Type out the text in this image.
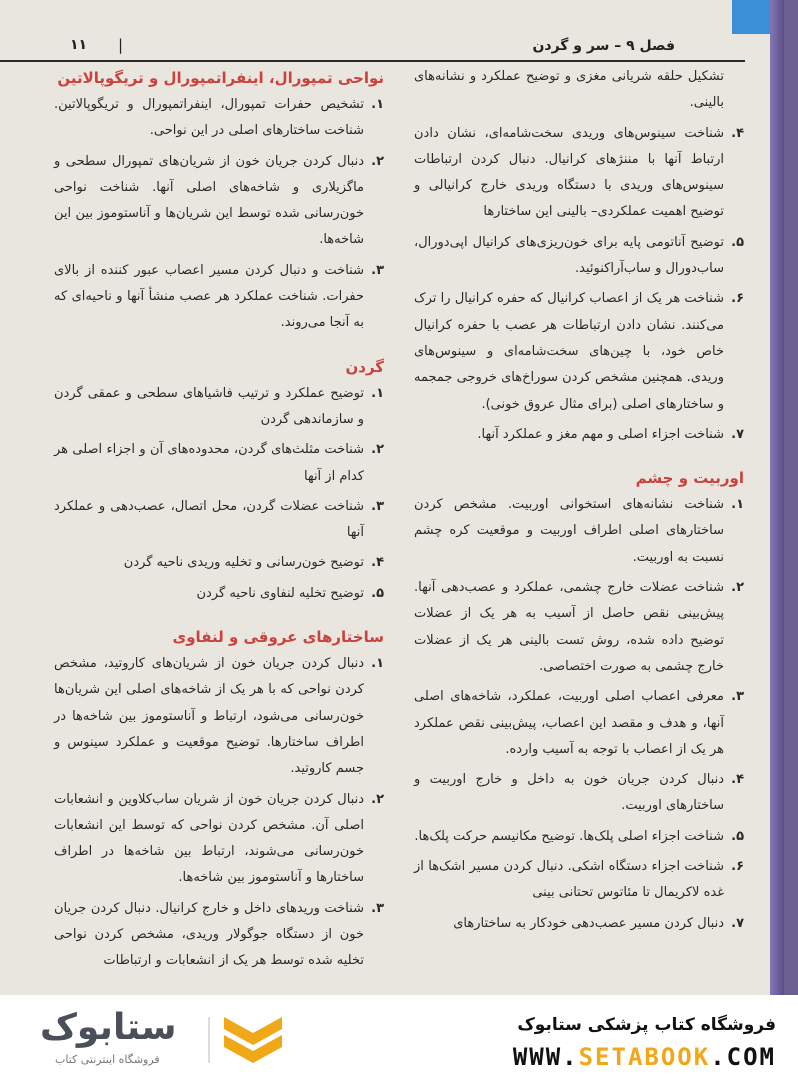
فصل ۹ – سر و گردن
|
۱۱
تشکیل حلقه شریانی مغزی و توضیح عملکرد و نشانه‌های بالینی.
۴.
شناخت سینوس‌های وریدی سخت‌شامه‌ای، نشان دادن ارتباط آنها با مننژهای کرانیال. دنبال کردن ارتباطات سینوس‌های وریدی با دستگاه وریدی خارج کرانیالی و توضیح اهمیت عملکردی– بالینی این ساختارها
۵.
توضیح آناتومی پایه برای خون‌ریزی‌های کرانیال اپی‌دورال، ساب‌دورال و ساب‌آراکنوئید.
۶.
شناخت هر یک از اعصاب کرانیال که حفره کرانیال را ترک می‌کنند. نشان دادن ارتباطات هر عصب با حفره کرانیال خاص خود، با چین‌های سخت‌شامه‌ای و سینوس‌های وریدی. همچنین مشخص کردن سوراخ‌های خروجی جمجمه و ساختارهای اصلی (برای مثال عروق خونی).
۷.
شناخت اجزاء اصلی و مهم مغز و عملکرد آنها.

اوربیت و چشم

۱.
شناخت نشانه‌های استخوانی اوربیت. مشخص کردن ساختارهای اصلی اطراف اوربیت و موقعیت کره چشم نسبت به اوربیت.
۲.
شناخت عضلات خارج چشمی، عملکرد و عصب‌دهی آنها. پیش‌بینی نقص حاصل از آسیب به هر یک از عضلات توضیح داده شده، روش تست بالینی هر یک از عضلات خارج چشمی به صورت اختصاصی.
۳.
معرفی اعصاب اصلی اوربیت، عملکرد، شاخه‌های اصلی آنها، و هدف و مقصد این اعصاب، پیش‌بینی نقص عملکرد هر یک از اعصاب با توجه به آسیب وارده.
۴.
دنبال کردن جریان خون به داخل و خارج اوربیت و ساختارهای اوربیت.
۵.
شناخت اجزاء اصلی پلک‌ها. توضیح مکانیسم حرکت پلک‌ها.
۶.
شناخت اجزاء دستگاه اشکی. دنبال کردن مسیر اشک‌ها از غده لاکریمال تا مئاتوس تحتانی بینی
۷.
دنبال کردن مسیر عصب‌دهی خودکار به ساختارهای

نواحی تمپورال، اینفراتمپورال و تریگوپالاتین

۱.
تشخیص حفرات تمپورال، اینفراتمپورال و تریگوپالاتین. شناخت ساختارهای اصلی در این نواحی.
۲.
دنبال کردن جریان خون از شریان‌های تمپورال سطحی و ماگزیلاری و شاخه‌های اصلی آنها. شناخت نواحی خون‌رسانی شده توسط این شریان‌ها و آناستوموز بین این شاخه‌ها.
۳.
شناخت و دنبال کردن مسیر اعصاب عبور کننده از بالای حفرات. شناخت عملکرد هر عصب منشأ آنها و ناحیه‌ای که به آنجا می‌روند.

گردن

۱.
توضیح عملکرد و ترتیب فاشیاهای سطحی و عمقی گردن و سازماندهی گردن
۲.
شناخت مثلث‌های گردن، محدوده‌های آن و اجزاء اصلی هر کدام از آنها
۳.
شناخت عضلات گردن، محل اتصال، عصب‌دهی و عملکرد آنها
۴.
توضیح خون‌رسانی و تخلیه وریدی ناحیه گردن
۵.
توضیح تخلیه لنفاوی ناحیه گردن

ساختارهای عروقی و لنفاوی

۱.
دنبال کردن جریان خون از شریان‌های کاروتید، مشخص کردن نواحی که با هر یک از شاخه‌های اصلی این شریان‌ها خون‌رسانی می‌شود، ارتباط و آناستوموز بین شاخه‌ها در اطراف ساختارها. توضیح موقعیت و عملکرد سینوس و جسم کاروتید.
۲.
دنبال کردن جریان خون از شریان ساب‌کلاوین و انشعابات اصلی آن. مشخص کردن نواحی که توسط این انشعابات خون‌رسانی می‌شوند، ارتباط بین شاخه‌ها در اطراف ساختارها و آناستوموز بین شاخه‌ها.
۳.
شناخت وریدهای داخل و خارج کرانیال. دنبال کردن جریان خون از دستگاه جوگولار وریدی، مشخص کردن نواحی تخلیه شده توسط هر یک از انشعابات و ارتباطات
فروشگاه کتاب پزشکی ستابوک
WWW.SETABOOK.COM
ستابوک
فروشگاه اینترنتی کتاب
